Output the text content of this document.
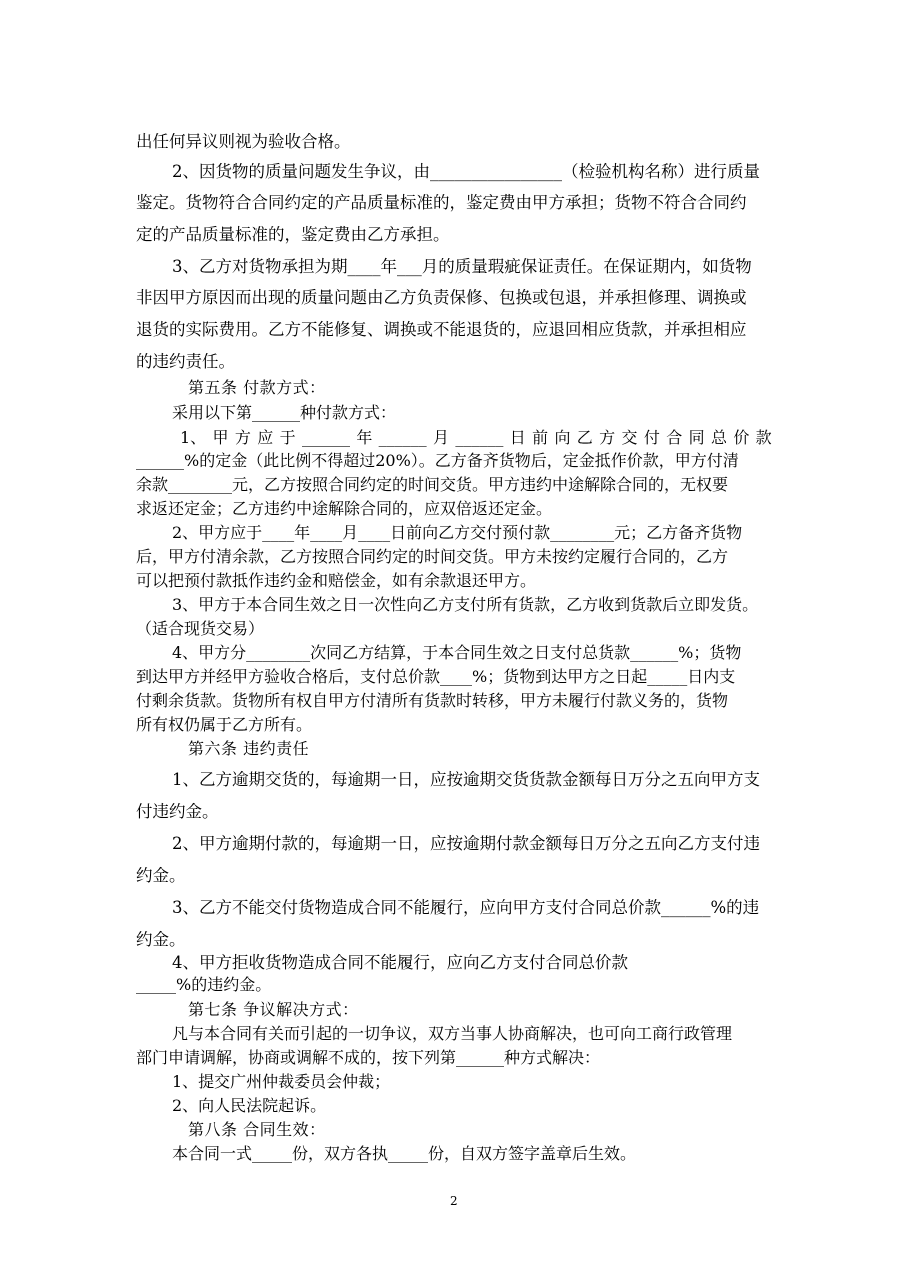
出任何异议则视为验收合格。
2、因货物的质量问题发生争议，由________________（检验机构名称）进行质量
鉴定。货物符合合同约定的产品质量标准的，鉴定费由甲方承担；货物不符合合同约
定的产品质量标准的，鉴定费由乙方承担。
3、乙方对货物承担为期____年___月的质量瑕疵保证责任。在保证期内，如货物
非因甲方原因而出现的质量问题由乙方负责保修、包换或包退，并承担修理、调换或
退货的实际费用。乙方不能修复、调换或不能退货的，应退回相应货款，并承担相应
的违约责任。
第五条 付款方式：
采用以下第______种付款方式：
1、 甲 方 应 于 ______ 年 ______ 月 ______ 日 前 向 乙 方 交 付 合 同 总 价 款
______%的定金（此比例不得超过20%）。乙方备齐货物后，定金抵作价款，甲方付清
余款________元，乙方按照合同约定的时间交货。甲方违约中途解除合同的，无权要
求返还定金；乙方违约中途解除合同的，应双倍返还定金。
2、甲方应于____年____月____日前向乙方交付预付款________元；乙方备齐货物
后，甲方付清余款，乙方按照合同约定的时间交货。甲方未按约定履行合同的，乙方
可以把预付款抵作违约金和赔偿金，如有余款退还甲方。
3、甲方于本合同生效之日一次性向乙方支付所有货款，乙方收到货款后立即发货。
（适合现货交易）
4、甲方分________次同乙方结算，于本合同生效之日支付总货款______%；货物
到达甲方并经甲方验收合格后，支付总价款____%；货物到达甲方之日起_____日内支
付剩余货款。货物所有权自甲方付清所有货款时转移，甲方未履行付款义务的，货物
所有权仍属于乙方所有。
第六条 违约责任
1、乙方逾期交货的，每逾期一日，应按逾期交货货款金额每日万分之五向甲方支
付违约金。
2、甲方逾期付款的，每逾期一日，应按逾期付款金额每日万分之五向乙方支付违
约金。
3、乙方不能交付货物造成合同不能履行，应向甲方支付合同总价款______%的违
约金。
4、甲方拒收货物造成合同不能履行，应向乙方支付合同总价款
_____%的违约金。
第七条 争议解决方式：
凡与本合同有关而引起的一切争议，双方当事人协商解决，也可向工商行政管理
部门申请调解，协商或调解不成的，按下列第______种方式解决：
1、提交广州仲裁委员会仲裁；
2、向人民法院起诉。
第八条 合同生效：
本合同一式_____份，双方各执_____份，自双方签字盖章后生效。
2
